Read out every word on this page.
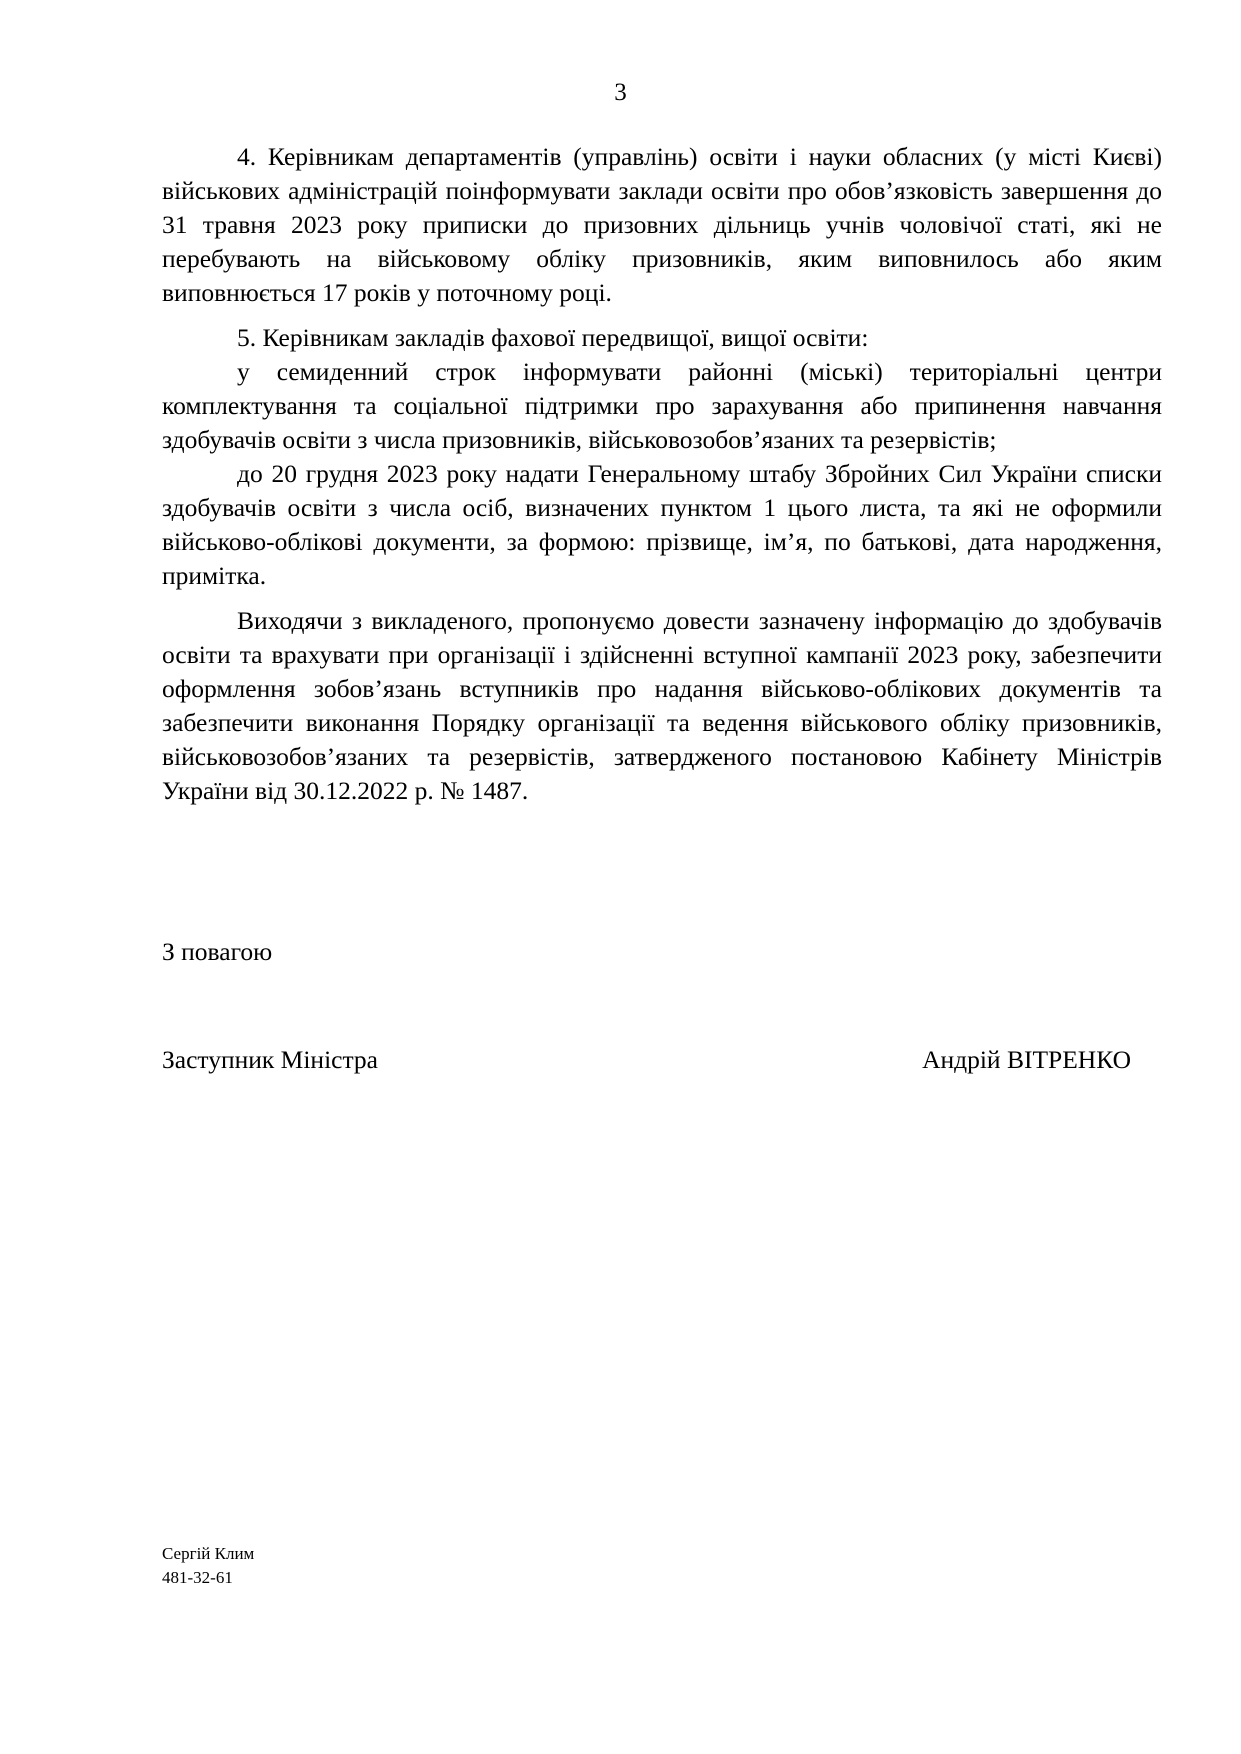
3

4. Керівникам департаментів (управлінь) освіти і науки обласних (у місті Києві) військових адміністрацій поінформувати заклади освіти про обов’язковість завершення до 31 травня 2023 року приписки до призовних дільниць учнів чоловічої статі, які не перебувають на військовому обліку призовників, яким виповнилось або яким виповнюється 17 років у поточному році.

5. Керівникам закладів фахової передвищої, вищої освіти:

у семиденний строк інформувати районні (міські) територіальні центри комплектування та соціальної підтримки про зарахування або припинення навчання здобувачів освіти з числа призовників, військовозобов’язаних та резервістів;

до 20 грудня 2023 року надати Генеральному штабу Збройних Сил України списки здобувачів освіти з числа осіб, визначених пунктом 1 цього листа, та які не оформили військово-облікові документи, за формою: прізвище, ім’я, по батькові, дата народження, примітка.

Виходячи з викладеного, пропонуємо довести зазначену інформацію до здобувачів освіти та врахувати при організації і здійсненні вступної кампанії 2023 року, забезпечити оформлення зобов’язань вступників про надання військово-облікових документів та забезпечити виконання Порядку організації та ведення військового обліку призовників, військовозобов’язаних та резервістів, затвердженого постановою Кабінету Міністрів України від 30.12.2022 р. № 1487.

З повагою
Заступник Міністра	Андрій ВІТРЕНКО
Сергій Клим
481-32-61
